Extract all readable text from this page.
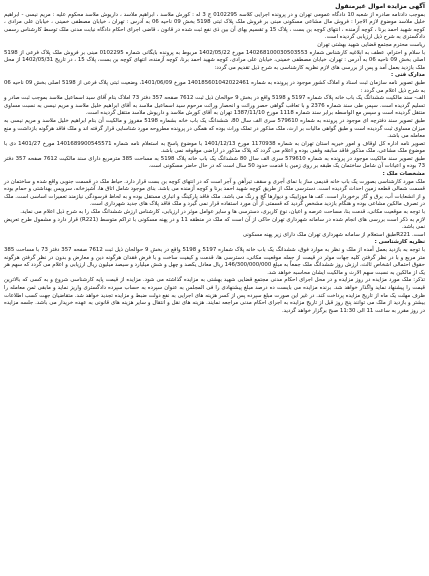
آگهی مزایده اموال غیرمنقول

بموجب دادنامه صادره از شعبه 10 دادگاه عمومی تهران و در پرونده اجرایی کلاسه 0102295 ج 3 له : کورش ملاسد ، ابراهیم ملاسد ، داریوش ملاسد محکوم علیه : مریم نیسی - ابراهیم خلیل ملاسد موضوع لازم الاجرا : فروش مال مشاعی مسکونی مبنی بر فروش ملک پلاک ثبتی 5198 بخش 09 ناحیه 06 به آدرس : تهران ، خیابان مصطفی خمینی ، خیابان علی مرادی ، کوچه شهید احمد برنا ، کوچه آزمنده ، انتهای کوچه بن بست ، پلاک 15 و تقسیم بهای آن بین ذی نفع ثبت شده در قانون ، قاضی اجرای احکام دادگاه نیابت مدنی ملک توسط کارشناس رسمی دادگستری به شرح ذیل ارزیابی گردیده است.

ریاست محترم مجتمع قضایی شهید بهشتی تهران

با سلام و احترام، عطف به ابلاغیه کارشناس شماره 140268100030503553 مورخ 1402/05/22 مربوط به پرونده بایگانی شماره 0102295 مبنی بر فروش ملک پلاک فرعی از 5198 اصلی بخش 09 ناحیه 06 به آدرس : تهران، خیابان مصطفی خمینی، خیابان علی مرادی، کوچه شهید احمد برنا، کوچه آزمنده، انتهای کوچه بن بست، پلاک 15 ، در تاریخ 1402/05/31 از محل ملک بازدید بعمل آمد و پس از بررسی های لازم نظریه کارشناسی به شرح ذیل تقدیم می گردد:

مدارک فنی :

طبق تصویر نامه سازمان ثبت اسناد و املاک کشور موجود در پرونده به شماره 140185601042022461 مورخ 1401/06/09، وضعیت ثبتی پلاک فرعی از 5198 اصلی بخش 09 ناحیه 06 به شرح ذیل اعلام می گردد :

الف- سند مالکیت ششدانگ یک باب خانه پلاک شماره 5197 و 5198 واقع در بخش 9 حوالحان ذیل ثبت 7612 صفحه 357 دفتر 73 املاک بنام آقای سید اسماعیل ملاسد بموجب ثبت صادر و تسلیم گردیده است. سپس طی سند شماره 2376 و با تعاقب گواهی حصر وراثت و انحصار وراثت مرحوم سید اسماعیل ملاسد به آقای ابراهیم خلیل ملاسد و مریم نیسی به نسبت مساوی منتقل گردیده است و سپس مع الواسطه برابر سند شماره 1118 مورخ 1387/11/10 تهران به آقای کورش ملاسد و داریوش ملاسد منتقل گردیده است.

طبق تصویر سند دفترچه ای موجود در پرونده به شماره 579610 سری الف سال 80، ششدانگ یک باب خانه بشماره 5198 مفروز و مالکیت آن بنام ابراهیم خلیل ملاسد و مریم نیسی به میزان مساوی ثبت گردیده است و طبق گواهی مالیات بر ارث، ملک مذکور در تملک وراث بوده که همگی در پرونده مطروحه مورد شناسایی قرار گرفته اند و ملک فاقد هرگونه بازداشت و منع معامله می باشد.

تصویر نامه اداره کل اوقاف و امور خیریه استان تهران به شماره 1170938 مورخ 1401/12/13 با موضوع پاسخ به استعلام نامه شماره 1401689900545571 مورخ 1401/27 دی با موضوع ملک مشاعی، ملک مذکور فاقد سابقه وقفی بوده و اعلام می گردد که پلاک مذکور در اراضی موقوفه نمی باشد.

طبق تصویر سند مالکیت موجود در پرونده به شماره 579610 سری الف سال 80 ششدانگ یک باب خانه پلاک 5198 به مساحت 385 مترمربع دارای سند مالکیت 7612 صفحه 357 دفتر 73 بوده و اعیانات آن شامل ساختمان یک طبقه بر روی زمین با قدمت حدود 50 سال است که در حال حاضر مسکونی است.

مشخصات ملک :

ملک مورد کارشناسی بصورت یک باب خانه قدیمی ساز با نمای آجری و سقف تیرآهن و آجر است که در انتهای کوچه بن بست قرار دارد. حیاط ملک در قسمت جنوبی واقع شده و ساختمان در قسمت شمالی قطعه زمین احداث گردیده است. دسترسی ملک از طریق کوچه شهید احمد برنا و کوچه آزمنده می باشد. بنای موجود شامل اتاق ها، آشپزخانه، سرویس بهداشتی و حمام بوده و از انشعابات آب، برق و گاز برخوردار است. کف ها موزاییک و دیوارها گچ و رنگ می باشد. ملک فاقد پارکینگ و انباری مستقل بوده و به لحاظ فرسودگی نیازمند تعمیرات اساسی است. ملک در تصرف مالکین مشاعی بوده و هنگام بازدید مشخص گردید که قسمتی از آن مورد استفاده قرار نمی گیرد و ملک فاقد پلاک های جدید شهرداری است.

با توجه به موقعیت مکانی، قدمت بنا، مساحت عرصه و اعیان، نوع کاربری، دسترسی ها و سایر عوامل موثر در ارزیابی، کارشناس ارزش ششدانگ ملک را به شرح ذیل اعلام می نماید.

لازم به ذکر است بررسی های انجام شده در سامانه شهرداری تهران حاکی از آن است که ملک در منطقه 11 و در پهنه مسکونی با تراکم متوسط (R221) قرار دارد و مشمول طرح تعریض نمی باشد.

است. R221طبق استعلام از سامانه شهرداری تهران ملک دارای زیر پهنه مسکونی

نظریه کارشناسی :

با توجه به بازدید بعمل آمده از ملک و نظر به موارد فوق، ششدانگ یک باب خانه پلاک شماره 5197 و 5198 واقع در بخش 9 حوالحان ذیل ثبت 7612 صفحه 357 دفتر 73 با مساحت 385 متر مربع و با در نظر گرفتن کلیه جهات موثر در قیمت از جمله موقعیت مکانی، دسترسی ها، قدمت و کیفیت ساخت و با فرض فقدان هرگونه دین و معارض و بدون در نظر گرفتن هرگونه حقوق احتمالی اشخاص ثالث، ارزش روز ششدانگ ملک جمعاً به مبلغ 146/300/000/000 ریال معادل یکصد و چهل و شش میلیارد و سیصد میلیون ریال ارزیابی و اعلام می گردد که سهم هر یک از مالکین به نسبت سهم الارث و مالکیت ایشان محاسبه خواهد شد.

تذکر: ملک مورد مزایده در روز مزایده و در محل اجرای احکام مدنی مجتمع قضایی شهید بهشتی به مزایده گذاشته می شود. مزایده از قیمت پایه کارشناسی شروع و به کسی که بالاترین قیمت را پیشنهاد نماید واگذار خواهد شد. برنده مزایده می بایست ده درصد مبلغ پیشنهادی را فی المجلس به عنوان سپرده به حساب سپرده دادگستری واریز نماید و مابقی ثمن معامله را ظرف مهلت یک ماه از تاریخ مزایده پرداخت کند. در غیر این صورت مبلغ سپرده پس از کسر هزینه های اجرایی به نفع دولت ضبط و مزایده تجدید خواهد شد. متقاضیان جهت کسب اطلاعات بیشتر و بازدید از ملک می توانند پنج روز قبل از تاریخ مزایده به اجرای احکام مدنی مراجعه نمایند. هزینه های نقل و انتقال و سایر هزینه های قانونی به عهده خریدار می باشد. جلسه مزایده در روز مقرر به ساعت 11 الی 11:30 صبح برگزار خواهد گردید.
